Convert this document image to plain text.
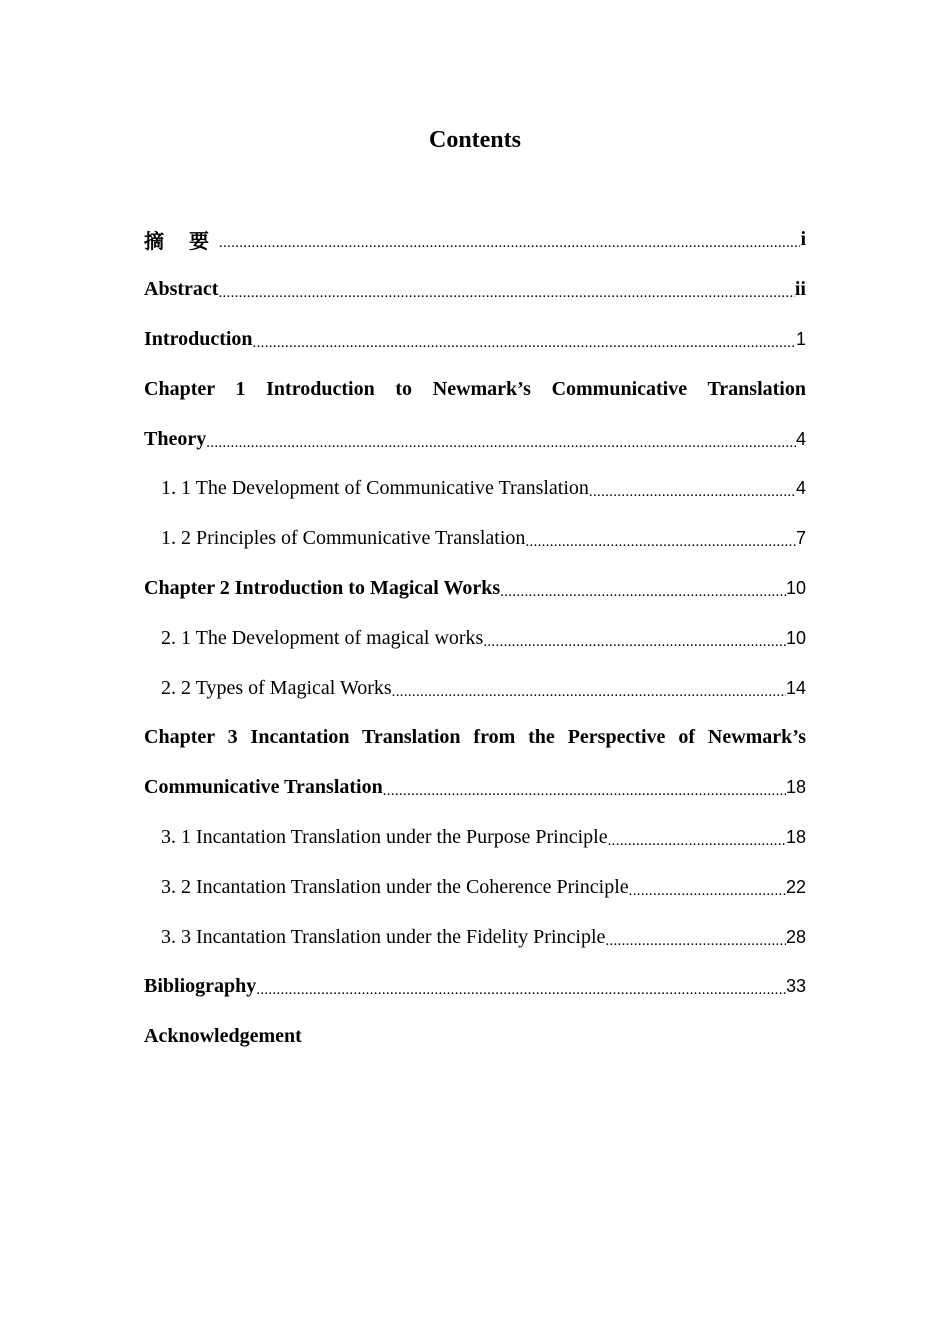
Contents
摘 要 .....	i
Abstract .....	ii
Introduction .....	1
Chapter 1 Introduction to Newmark’s Communicative Translation
Theory .....	4
1. 1 The Development of Communicative Translation .....	4
1. 2 Principles of Communicative Translation .....	7
Chapter 2 Introduction to Magical Works .....	10
2. 1 The Development of magical works .....	10
2. 2 Types of Magical Works .....	14
Chapter 3 Incantation Translation from the Perspective of Newmark’s
Communicative Translation .....	18
3. 1 Incantation Translation under the Purpose Principle .....	18
3. 2 Incantation Translation under the Coherence Principle .....	22
3. 3 Incantation Translation under the Fidelity Principle .....	28
Bibliography .....	33
Acknowledgement
